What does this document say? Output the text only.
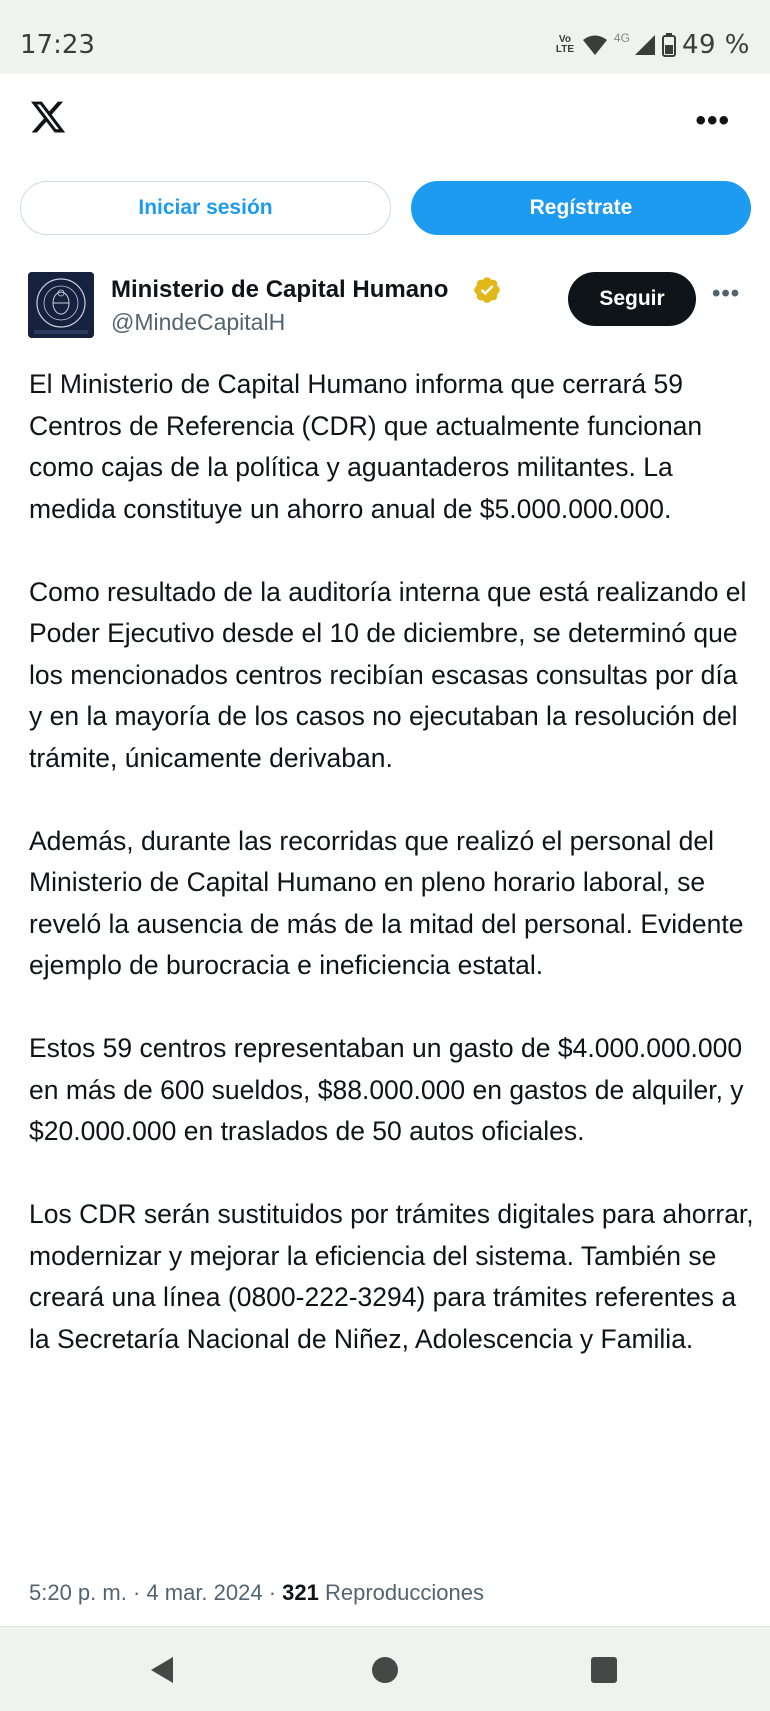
17:23	Vo
LTE
4G 49 %
•••
Iniciar sesión	Regístrate
Ministerio de Capital Humano
@MindeCapitalH
Seguir	•••

El Ministerio de Capital Humano informa que cerrará 59 Centros de Referencia (CDR) que actualmente funcionan como cajas de la política y aguantaderos militantes. La medida constituye un ahorro anual de $5.000.000.000.

Como resultado de la auditoría interna que está realizando el Poder Ejecutivo desde el 10 de diciembre, se determinó que los mencionados centros recibían escasas consultas por día y en la mayoría de los casos no ejecutaban la resolución del trámite, únicamente derivaban.

Además, durante las recorridas que realizó el personal del Ministerio de Capital Humano en pleno horario laboral, se reveló la ausencia de más de la mitad del personal. Evidente ejemplo de burocracia e ineficiencia estatal.

Estos 59 centros representaban un gasto de $4.000.000.000 en más de 600 sueldos, $88.000.000 en gastos de alquiler, y $20.000.000 en traslados de 50 autos oficiales.

Los CDR serán sustituidos por trámites digitales para ahorrar, modernizar y mejorar la eficiencia del sistema. También se creará una línea (0800-222-3294) para trámites referentes a la Secretaría Nacional de Niñez, Adolescencia y Familia.

5:20 p. m. · 4 mar. 2024 · 321 Reproducciones
